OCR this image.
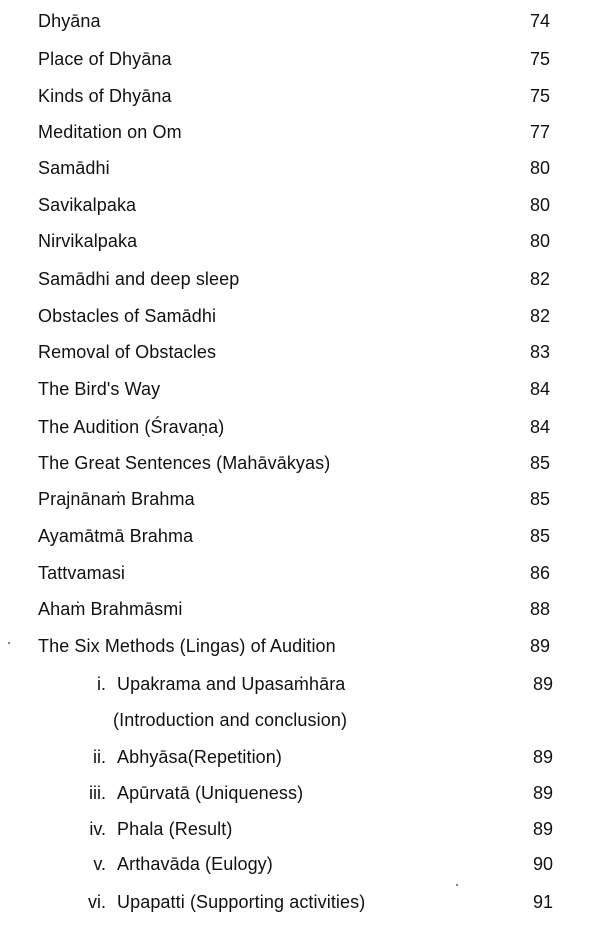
Dhyāna	74
Place of Dhyāna	75
Kinds of Dhyāna	75
Meditation on Om	77
Samādhi	80
Savikalpaka	80
Nirvikalpaka	80
Samādhi and deep sleep	82
Obstacles of Samādhi	82
Removal of Obstacles	83
The Bird's Way	84
The Audition (Śravaṇa)	84
The Great Sentences (Mahāvākyas)	85
Prajnānaṁ Brahma	85
Ayamātmā Brahma	85
Tattvamasi	86
Ahaṁ Brahmāsmi	88
The Six Methods (Lingas) of Audition	89
i. Upakrama and Upasaṁhāra	89
(Introduction and conclusion)
ii. Abhyāsa(Repetition)	89
iii. Apūrvatā (Uniqueness)	89
iv. Phala (Result)	89
v. Arthavāda (Eulogy)	90
vi. Upapatti (Supporting activities)	91
